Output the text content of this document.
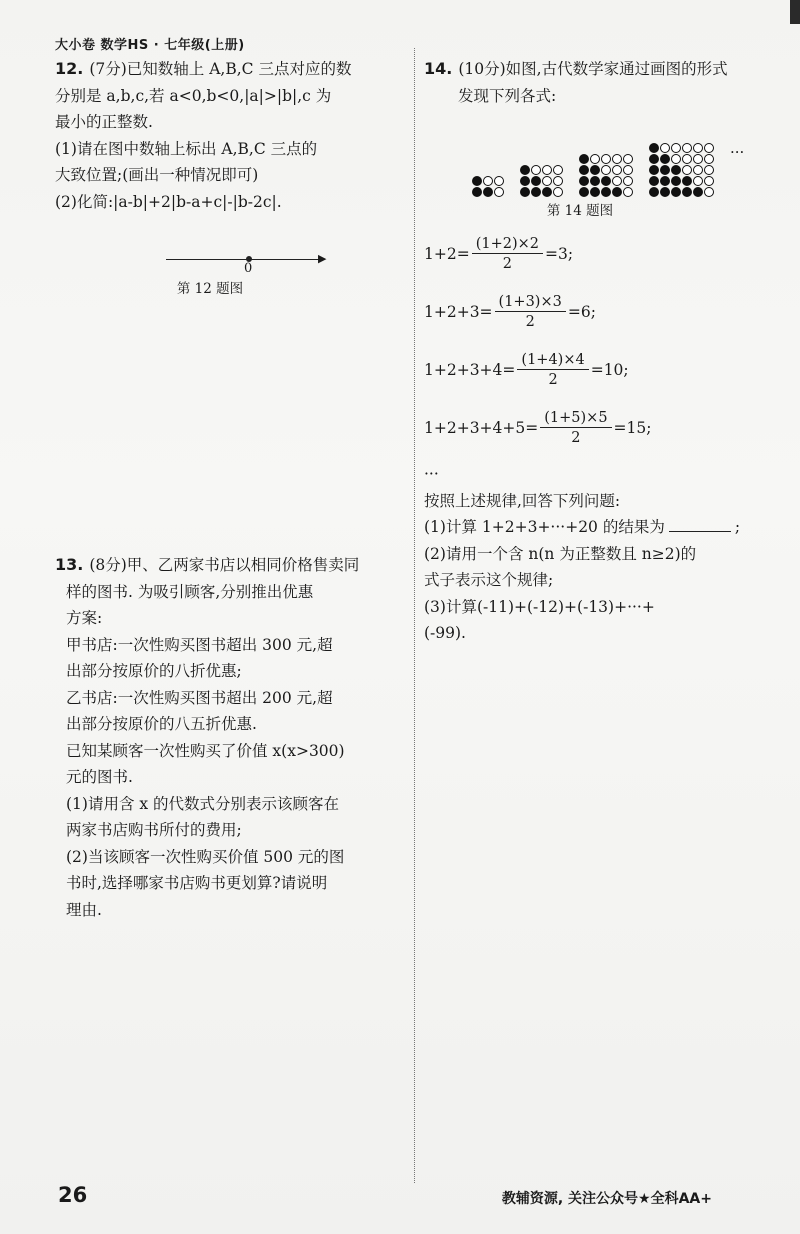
大小卷 数学HS · 七年级(上册)

12. (7分)已知数轴上 A,B,C 三点对应的数

分别是 a,b,c,若 a<0,b<0,|a|>|b|,c 为

最小的正整数.

(1)请在图中数轴上标出 A,B,C 三点的

大致位置;(画出一种情况即可)

(2)化简:|a-b|+2|b-a+c|-|b-2c|.

▶
0
第 12 题图

13. (8分)甲、乙两家书店以相同价格售卖同

样的图书. 为吸引顾客,分别推出优惠

方案:

甲书店:一次性购买图书超出 300 元,超

出部分按原价的八折优惠;

乙书店:一次性购买图书超出 200 元,超

出部分按原价的八五折优惠.

已知某顾客一次性购买了价值 x(x>300)

元的图书.

(1)请用含 x 的代数式分别表示该顾客在

两家书店购书所付的费用;

(2)当该顾客一次性购买价值 500 元的图

书时,选择哪家书店购书更划算?请说明

理由.

14. (10分)如图,古代数学家通过画图的形式

发现下列各式:

···
第 14 题图
$1+2= \frac{(1+2)\times 2}{2} =3$;
$1+2+3= \frac{(1+3)\times 3}{2} =6$;
$1+2+3+4= \frac{(1+4)\times 4}{2} =10$;
$1+2+3+4+5= \frac{(1+5)\times 5}{2} =15$;

···

按照上述规律,回答下列问题:

(1)计算 1+2+3+···+20 的结果为	;

(2)请用一个含 n(n 为正整数且 n≥2)的

式子表示这个规律;

(3)计算(-11)+(-12)+(-13)+···+

(-99).

26	教辅资源, 关注公众号★全科AA+
